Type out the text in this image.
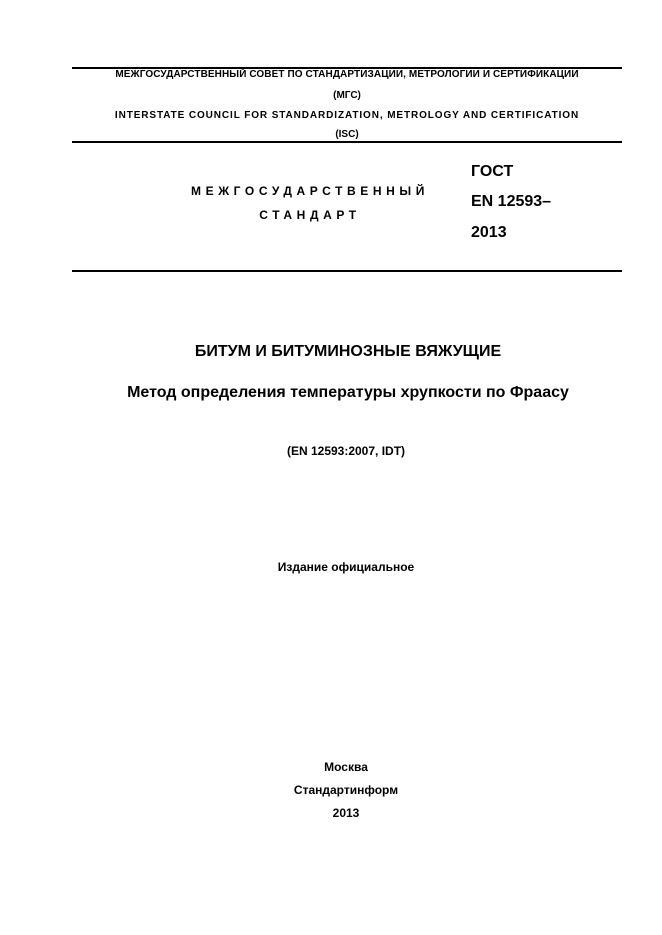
МЕЖГОСУДАРСТВЕННЫЙ СОВЕТ ПО СТАНДАРТИЗАЦИИ, МЕТРОЛОГИИ И СЕРТИФИКАЦИИ
(МГС)
INTERSTATE COUNCIL FOR STANDARDIZATION, METROLOGY AND CERTIFICATION
(ISC)
МЕЖГОСУДАРСТВЕННЫЙ
СТАНДАРТ
ГОСТ
EN 12593–
2013
БИТУМ И БИТУМИНОЗНЫЕ ВЯЖУЩИЕ
Метод определения температуры хрупкости по Фраасу
(EN 12593:2007, IDT)
Издание официальное
Москва
Стандартинформ
2013
